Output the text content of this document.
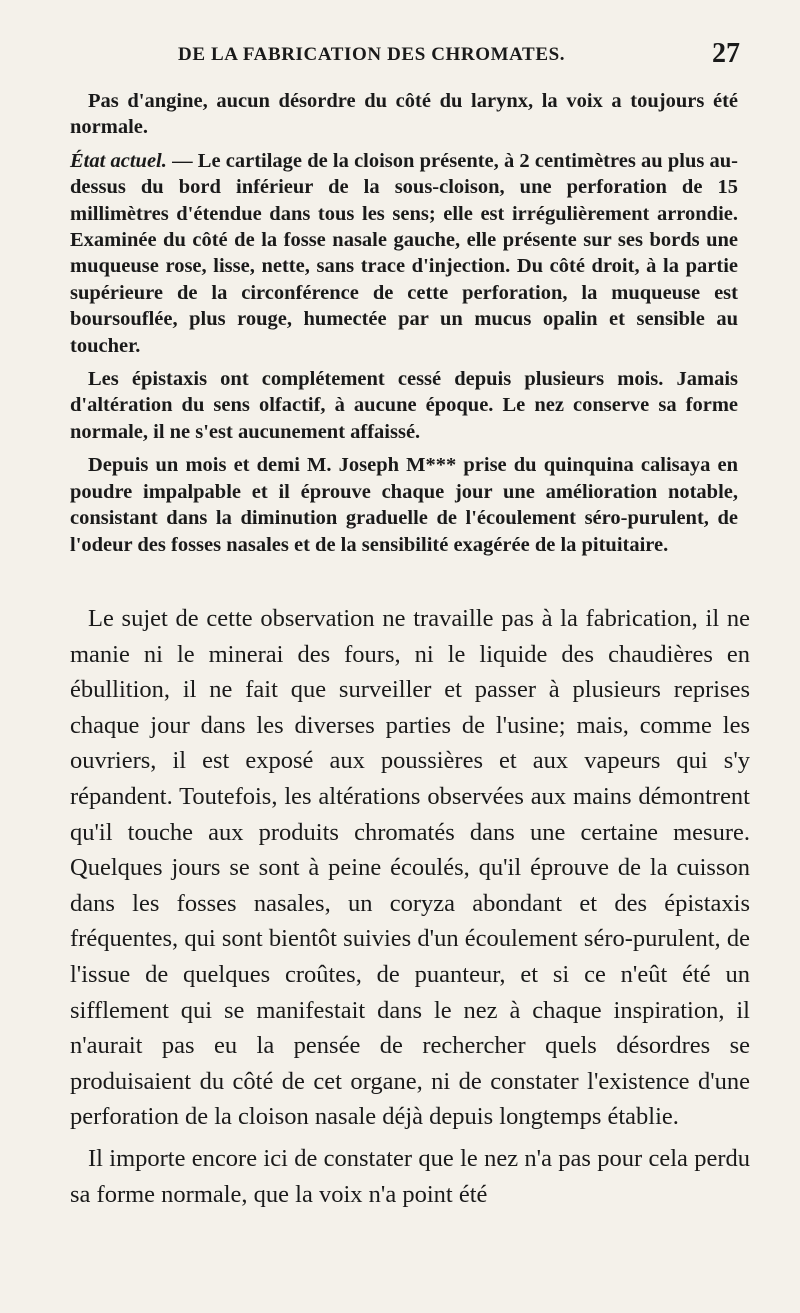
DE LA FABRICATION DES CHROMATES.	27

Pas d'angine, aucun désordre du côté du larynx, la voix a toujours été normale.

État actuel. — Le cartilage de la cloison présente, à 2 centimètres au plus au-dessus du bord inférieur de la sous-cloison, une perforation de 15 millimètres d'étendue dans tous les sens; elle est irrégulièrement arrondie. Examinée du côté de la fosse nasale gauche, elle présente sur ses bords une muqueuse rose, lisse, nette, sans trace d'injection. Du côté droit, à la partie supérieure de la circonférence de cette perforation, la muqueuse est boursouflée, plus rouge, humectée par un mucus opalin et sensible au toucher.

Les épistaxis ont complétement cessé depuis plusieurs mois. Jamais d'altération du sens olfactif, à aucune époque. Le nez conserve sa forme normale, il ne s'est aucunement affaissé.

Depuis un mois et demi M. Joseph M*** prise du quinquina calisaya en poudre impalpable et il éprouve chaque jour une amélioration notable, consistant dans la diminution graduelle de l'écoulement séro-purulent, de l'odeur des fosses nasales et de la sensibilité exagérée de la pituitaire.

Le sujet de cette observation ne travaille pas à la fabrication, il ne manie ni le minerai des fours, ni le liquide des chaudières en ébullition, il ne fait que surveiller et passer à plusieurs reprises chaque jour dans les diverses parties de l'usine; mais, comme les ouvriers, il est exposé aux poussières et aux vapeurs qui s'y répandent. Toutefois, les altérations observées aux mains démontrent qu'il touche aux produits chromatés dans une certaine mesure. Quelques jours se sont à peine écoulés, qu'il éprouve de la cuisson dans les fosses nasales, un coryza abondant et des épistaxis fréquentes, qui sont bientôt suivies d'un écoulement séro-purulent, de l'issue de quelques croûtes, de puanteur, et si ce n'eût été un sifflement qui se manifestait dans le nez à chaque inspiration, il n'aurait pas eu la pensée de rechercher quels désordres se produisaient du côté de cet organe, ni de constater l'existence d'une perforation de la cloison nasale déjà depuis longtemps établie.

Il importe encore ici de constater que le nez n'a pas pour cela perdu sa forme normale, que la voix n'a point été
